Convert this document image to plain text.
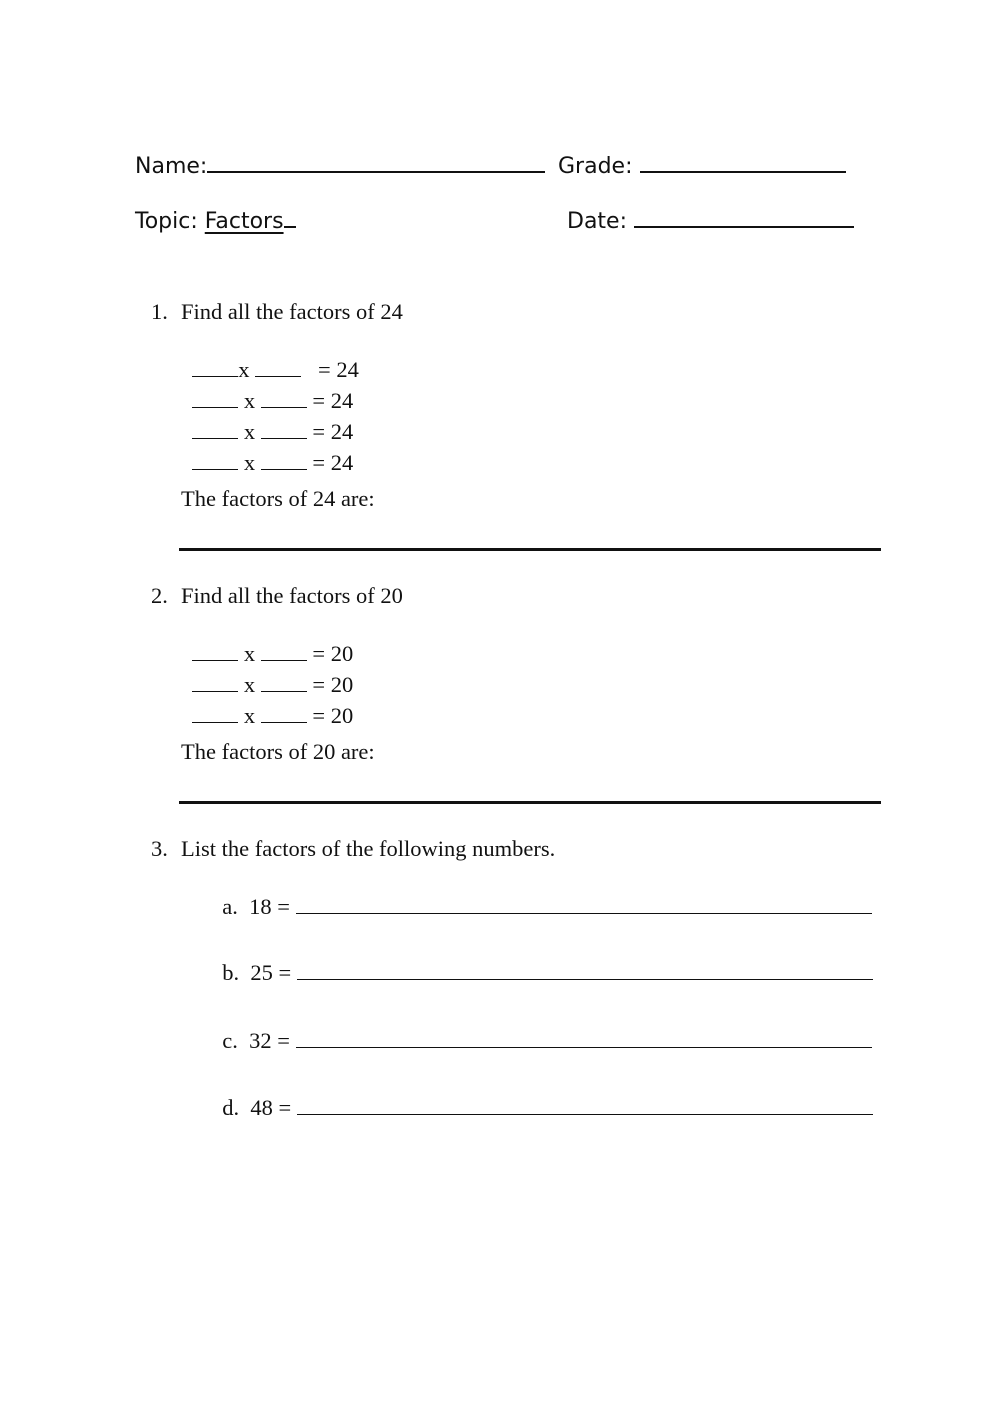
Name:	Grade:

Topic: Factors	Date:

1. Find all the factors of 24

x	= 24

x	= 24

x	= 24

x	= 24

The factors of 24 are:
2. Find all the factors of 20

x	= 20

x	= 20

x	= 20

The factors of 20 are:
3. List the factors of the following numbers.

a. 18 =

b. 25 =

c. 32 =

d. 48 =
